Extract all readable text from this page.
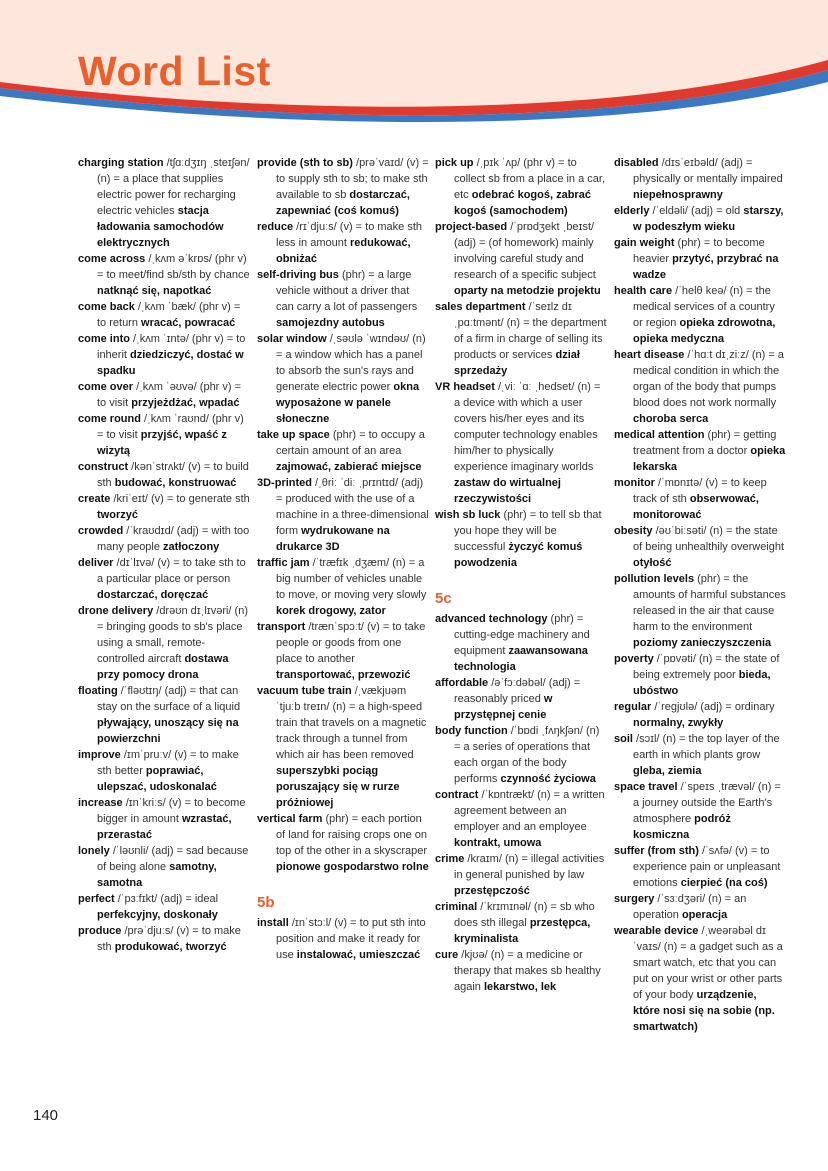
Word List
charging station /tʃɑːdʒɪŋ ˌsteɪʃən/ (n) = a place that supplies electric power for recharging electric vehicles stacja ładowania samochodów elektrycznych
come across /ˌkʌm əˈkrɒs/ (phr v) = to meet/find sb/sth by chance natknąć się, napotkać
come back /ˌkʌm ˈbæk/ (phr v) = to return wracać, powracać
come into /ˌkʌm ˈɪntə/ (phr v) = to inherit dziedziczyć, dostać w spadku
come over /ˌkʌm ˈəʊvə/ (phr v) = to visit przyjeżdżać, wpadać
come round /ˌkʌm ˈraʊnd/ (phr v) = to visit przyjść, wpaść z wizytą
construct /kənˈstrʌkt/ (v) = to build sth budować, konstruować
create /kriˈeɪt/ (v) = to generate sth tworzyć
crowded /ˈkraʊdɪd/ (adj) = with too many people zatłoczony
deliver /dɪˈlɪvə/ (v) = to take sth to a particular place or person dostarczać, doręczać
drone delivery /drəʊn dɪˌlɪvəri/ (n) = bringing goods to sb's place using a small, remote-controlled aircraft dostawa przy pomocy drona
floating /ˈfləʊtɪŋ/ (adj) = that can stay on the surface of a liquid pływający, unoszący się na powierzchni
improve /ɪmˈpruːv/ (v) = to make sth better poprawiać, ulepszać, udoskonalać
increase /ɪnˈkriːs/ (v) = to become bigger in amount wzrastać, przerastać
lonely /ˈləʊnli/ (adj) = sad because of being alone samotny, samotna
perfect /ˈpɜːfɪkt/ (adj) = ideal perfekcyjny, doskonały
produce /prəˈdjuːs/ (v) = to make sth produkować, tworzyć
provide (sth to sb) /prəˈvaɪd/ (v) = to supply sth to sb; to make sth available to sb dostarczać, zapewniać (coś komuś)
reduce /rɪˈdjuːs/ (v) = to make sth less in amount redukować, obniżać
self-driving bus (phr) = a large vehicle without a driver that can carry a lot of passengers samojezdny autobus
solar window /ˌsəʊlə ˈwɪndəʊ/ (n) = a window which has a panel to absorb the sun's rays and generate electric power okna wyposażone w panele słoneczne
take up space (phr) = to occupy a certain amount of an area zajmować, zabierać miejsce
3D-printed /ˌθriː ˈdiː ˌprɪntɪd/ (adj) = produced with the use of a machine in a three-dimensional form wydrukowane na drukarce 3D
traffic jam /ˈtræfɪk ˌdʒæm/ (n) = a big number of vehicles unable to move, or moving very slowly korek drogowy, zator
transport /trænˈspɔːt/ (v) = to take people or goods from one place to another transportować, przewozić
vacuum tube train /ˌvækjuəm ˈtjuːb treɪn/ (n) = a high-speed train that travels on a magnetic track through a tunnel from which air has been removed superszybki pociąg poruszający się w rurze próżniowej
vertical farm (phr) = each portion of land for raising crops one on top of the other in a skyscraper pionowe gospodarstwo rolne
5b
install /ɪnˈstɔːl/ (v) = to put sth into position and make it ready for use instalować, umieszczać
pick up /ˌpɪk ˈʌp/ (phr v) = to collect sb from a place in a car, etc odebrać kogoś, zabrać kogoś (samochodem)
project-based /ˈprɒdʒekt ˌbeɪst/ (adj) = (of homework) mainly involving careful study and research of a specific subject oparty na metodzie projektu
sales department /ˈseɪlz dɪˌpɑːtmənt/ (n) = the department of a firm in charge of selling its products or services dział sprzedaży
VR headset /ˌviː ˈɑː ˌhedset/ (n) = a device with which a user covers his/her eyes and its computer technology enables him/her to physically experience imaginary worlds zastaw do wirtualnej rzeczywistości
wish sb luck (phr) = to tell sb that you hope they will be successful życzyć komuś powodzenia
5c
advanced technology (phr) = cutting-edge machinery and equipment zaawansowana technologia
affordable /əˈfɔːdəbəl/ (adj) = reasonably priced w przystępnej cenie
body function /ˈbɒdi ˌfʌŋkʃən/ (n) = a series of operations that each organ of the body performs czynność życiowa
contract /ˈkɒntrækt/ (n) = a written agreement between an employer and an employee kontrakt, umowa
crime /kraɪm/ (n) = illegal activities in general punished by law przestępczość
criminal /ˈkrɪmɪnəl/ (n) = sb who does sth illegal przestępca, kryminalista
cure /kjʊə/ (n) = a medicine or therapy that makes sb healthy again lekarstwo, lek
disabled /dɪsˈeɪbəld/ (adj) = physically or mentally impaired niepełnosprawny
elderly /ˈeldəli/ (adj) = old starszy, w podeszłym wieku
gain weight (phr) = to become heavier przytyć, przybrać na wadze
health care /ˈhelθ keə/ (n) = the medical services of a country or region opieka zdrowotna, opieka medyczna
heart disease /ˈhɑːt dɪˌziːz/ (n) = a medical condition in which the organ of the body that pumps blood does not work normally choroba serca
medical attention (phr) = getting treatment from a doctor opieka lekarska
monitor /ˈmɒnɪtə/ (v) = to keep track of sth obserwować, monitorować
obesity /əʊˈbiːsəti/ (n) = the state of being unhealthily overweight otyłość
pollution levels (phr) = the amounts of harmful substances released in the air that cause harm to the environment poziomy zanieczyszczenia
poverty /ˈpɒvəti/ (n) = the state of being extremely poor bieda, ubóstwo
regular /ˈregjʊlə/ (adj) = ordinary normalny, zwykły
soil /sɔɪl/ (n) = the top layer of the earth in which plants grow gleba, ziemia
space travel /ˈspeɪs ˌtrævəl/ (n) = a journey outside the Earth's atmosphere podróż kosmiczna
suffer (from sth) /ˈsʌfə/ (v) = to experience pain or unpleasant emotions cierpieć (na coś)
surgery /ˈsɜːdʒəri/ (n) = an operation operacja
wearable device /ˌweərəbəl dɪˈvaɪs/ (n) = a gadget such as a smart watch, etc that you can put on your wrist or other parts of your body urządzenie, które nosi się na sobie (np. smartwatch)
140
